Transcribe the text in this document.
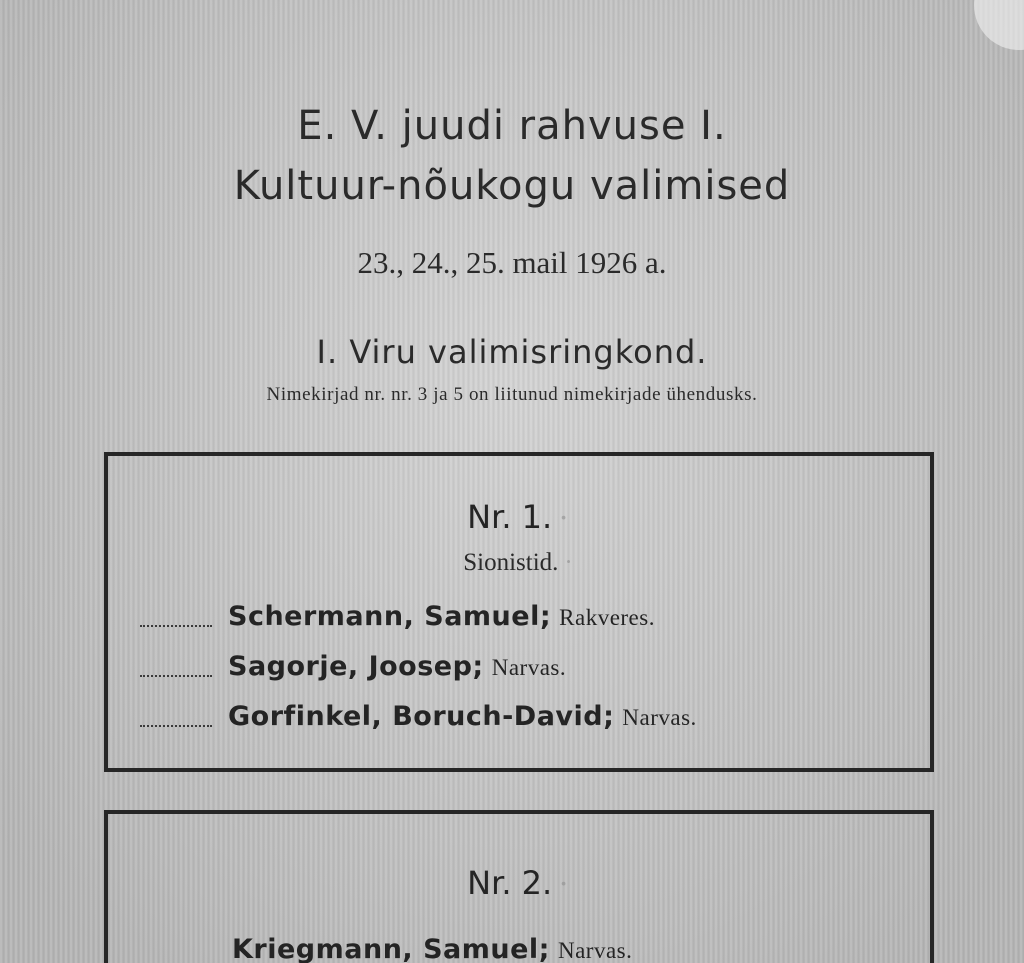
E. V. juudi rahvuse I.
Kultuur-nõukogu valimised
23., 24., 25. mail 1926 a.
I. Viru valimisringkond.
Nimekirjad nr. nr. 3 ja 5 on liitunud nimekirjade ühendusks.
Nr. 1. ·
Sionistid. ·
Schermann, Samuel; Rakveres.
Sagorje, Joosep; Narvas.
Gorfinkel, Boruch-David; Narvas.
Nr. 2. ·
Kriegmann, Samuel; Narvas.
